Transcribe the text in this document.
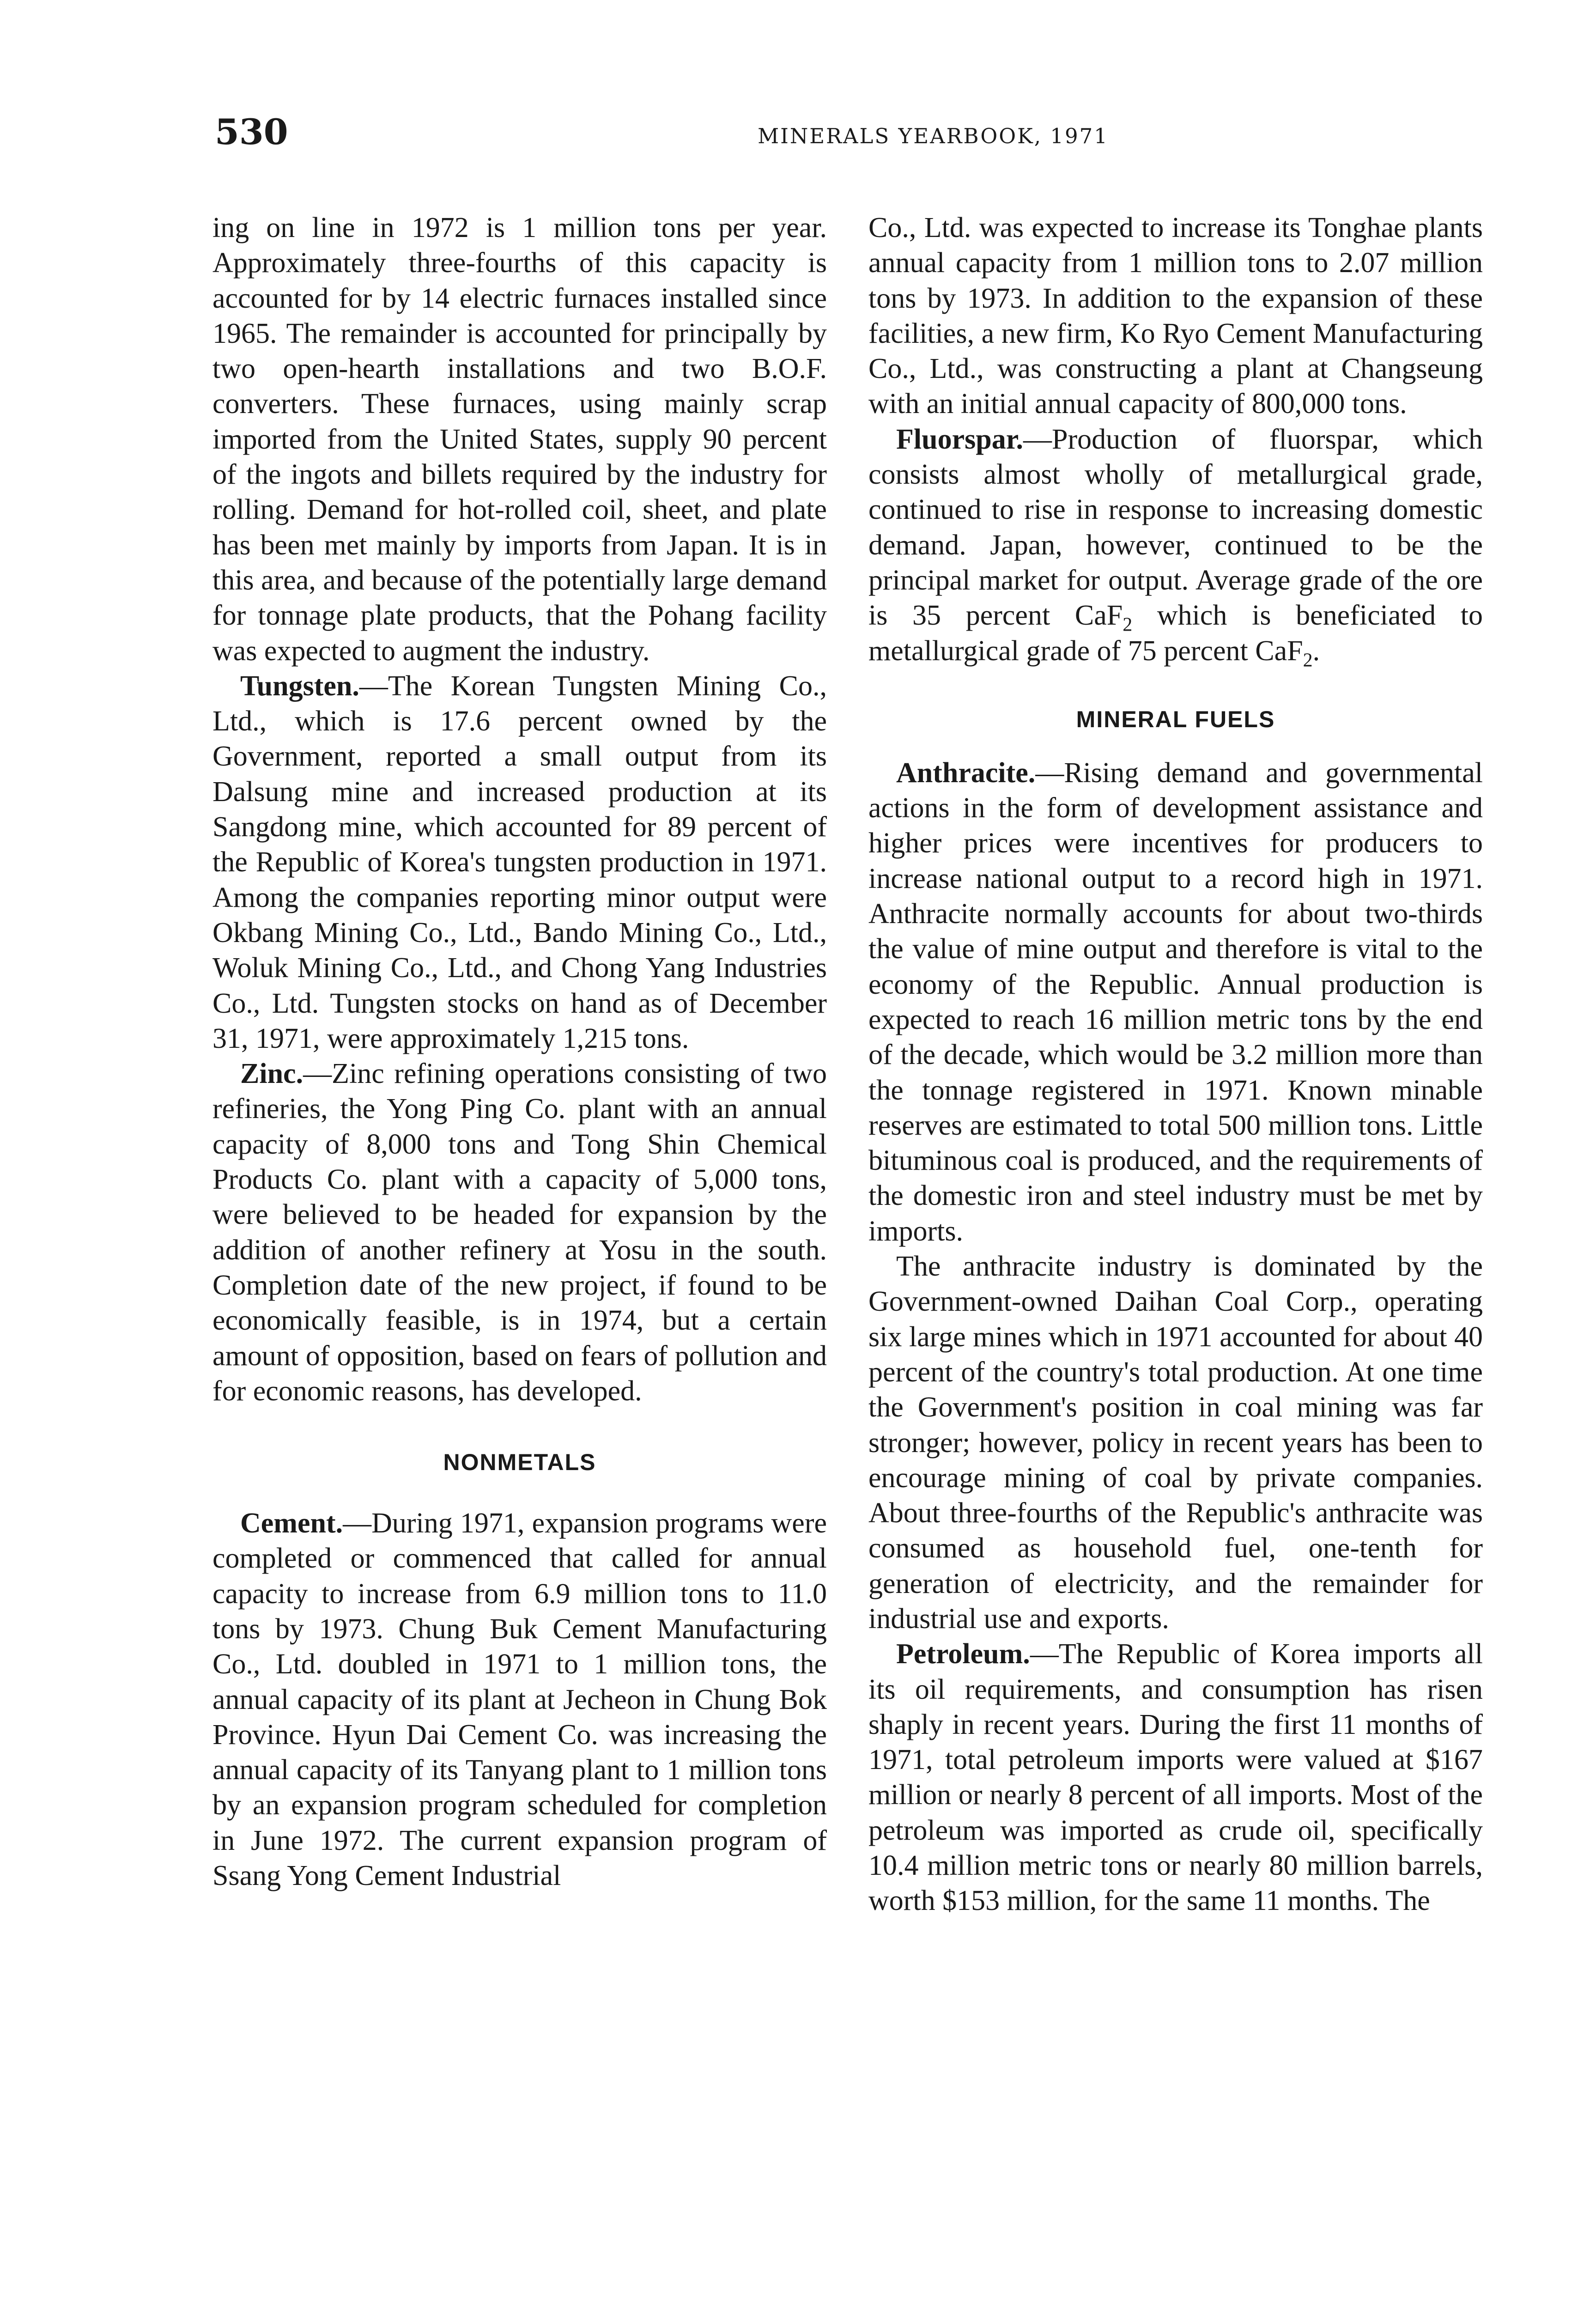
530	MINERALS YEARBOOK, 1971

ing on line in 1972 is 1 million tons per year. Approximately three-fourths of this capacity is accounted for by 14 electric furnaces installed since 1965. The remainder is accounted for principally by two open-hearth installations and two B.O.F. converters. These furnaces, using mainly scrap imported from the United States, supply 90 percent of the ingots and billets required by the industry for rolling. Demand for hot-rolled coil, sheet, and plate has been met mainly by imports from Japan. It is in this area, and because of the potentially large demand for tonnage plate products, that the Pohang facility was expected to augment the industry.

Tungsten.—The Korean Tungsten Mining Co., Ltd., which is 17.6 percent owned by the Government, reported a small output from its Dalsung mine and increased production at its Sangdong mine, which accounted for 89 percent of the Republic of Korea's tungsten production in 1971. Among the companies reporting minor output were Okbang Mining Co., Ltd., Bando Mining Co., Ltd., Woluk Mining Co., Ltd., and Chong Yang Industries Co., Ltd. Tungsten stocks on hand as of December 31, 1971, were approximately 1,215 tons.

Zinc.—Zinc refining operations consisting of two refineries, the Yong Ping Co. plant with an annual capacity of 8,000 tons and Tong Shin Chemical Products Co. plant with a capacity of 5,000 tons, were believed to be headed for expansion by the addition of another refinery at Yosu in the south. Completion date of the new project, if found to be economically feasible, is in 1974, but a certain amount of opposition, based on fears of pollution and for economic reasons, has developed.

NONMETALS

Cement.—During 1971, expansion programs were completed or commenced that called for annual capacity to increase from 6.9 million tons to 11.0 tons by 1973. Chung Buk Cement Manufacturing Co., Ltd. doubled in 1971 to 1 million tons, the annual capacity of its plant at Jecheon in Chung Bok Province. Hyun Dai Cement Co. was increasing the annual capacity of its Tanyang plant to 1 million tons by an expansion program scheduled for completion in June 1972. The current expansion program of Ssang Yong Cement Industrial

Co., Ltd. was expected to increase its Tonghae plants annual capacity from 1 million tons to 2.07 million tons by 1973. In addition to the expansion of these facilities, a new firm, Ko Ryo Cement Manufacturing Co., Ltd., was constructing a plant at Changseung with an initial annual capacity of 800,000 tons.

Fluorspar.—Production of fluorspar, which consists almost wholly of metallurgical grade, continued to rise in response to increasing domestic demand. Japan, however, continued to be the principal market for output. Average grade of the ore is 35 percent CaF$_2$ which is beneficiated to metallurgical grade of 75 percent CaF$_2$.

MINERAL FUELS

Anthracite.—Rising demand and governmental actions in the form of development assistance and higher prices were incentives for producers to increase national output to a record high in 1971. Anthracite normally accounts for about two-thirds the value of mine output and therefore is vital to the economy of the Republic. Annual production is expected to reach 16 million metric tons by the end of the decade, which would be 3.2 million more than the tonnage registered in 1971. Known minable reserves are estimated to total 500 million tons. Little bituminous coal is produced, and the requirements of the domestic iron and steel industry must be met by imports.

The anthracite industry is dominated by the Government-owned Daihan Coal Corp., operating six large mines which in 1971 accounted for about 40 percent of the country's total production. At one time the Government's position in coal mining was far stronger; however, policy in recent years has been to encourage mining of coal by private companies. About three-fourths of the Republic's anthracite was consumed as household fuel, one-tenth for generation of electricity, and the remainder for industrial use and exports.

Petroleum.—The Republic of Korea imports all its oil requirements, and consumption has risen shaply in recent years. During the first 11 months of 1971, total petroleum imports were valued at $167 million or nearly 8 percent of all imports. Most of the petroleum was imported as crude oil, specifically 10.4 million metric tons or nearly 80 million barrels, worth $153 million, for the same 11 months. The
